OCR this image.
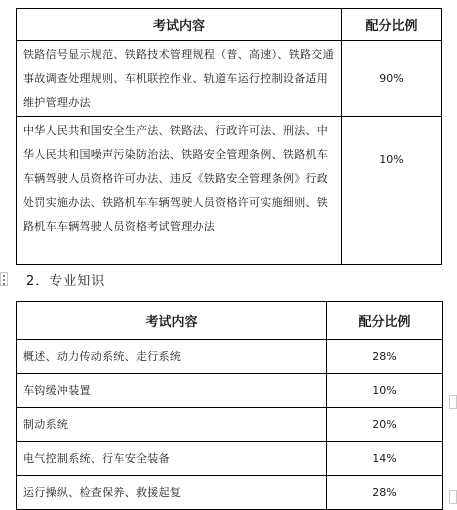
考试内容	配分比例
铁路信号显示规范、铁路技术管理规程（普、高速）、铁路交通事故调查处理规则、车机联控作业、轨道车运行控制设备适用维护管理办法	90%
中华人民共和国安全生产法、铁路法、行政许可法、刑法、中华人民共和国噪声污染防治法、铁路安全管理条例、铁路机车车辆驾驶人员资格许可办法、违反《铁路安全管理条例》行政处罚实施办法、铁路机车车辆驾驶人员资格许可实施细则、铁路机车车辆驾驶人员资格考试管理办法	10%
2．专业知识
考试内容	配分比例
概述、动力传动系统、走行系统	28%
车钩缓冲装置	10%
制动系统	20%
电气控制系统、行车安全装备	14%
运行操纵、检查保养、救援起复	28%
